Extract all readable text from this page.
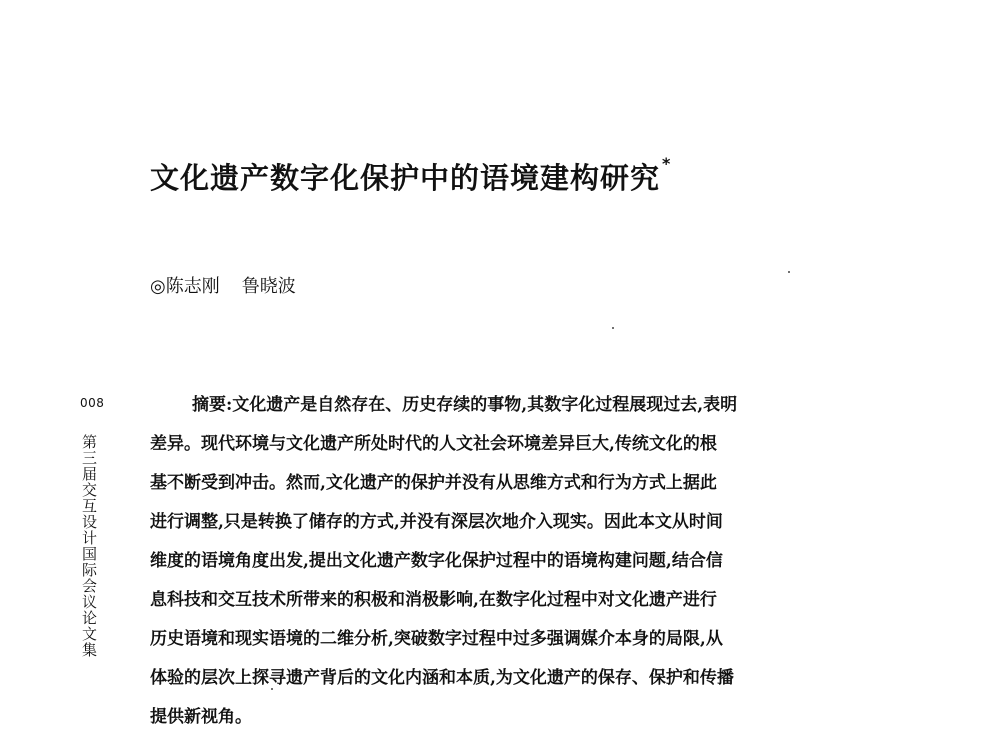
文化遗产数字化保护中的语境建构研究 *
◎陈志刚 鲁晓波
008
第三届交互设计国际会议论文集
摘要:文化遗产是自然存在、历史存续的事物,其数字化过程展现过去,表明
差异。现代环境与文化遗产所处时代的人文社会环境差异巨大,传统文化的根
基不断受到冲击。然而,文化遗产的保护并没有从思维方式和行为方式上据此
进行调整,只是转换了储存的方式,并没有深层次地介入现实。因此本文从时间
维度的语境角度出发,提出文化遗产数字化保护过程中的语境构建问题,结合信
息科技和交互技术所带来的积极和消极影响,在数字化过程中对文化遗产进行
历史语境和现实语境的二维分析,突破数字过程中过多强调媒介本身的局限,从
体验的层次上探寻遗产背后的文化内涵和本质,为文化遗产的保存、保护和传播
提供新视角。
